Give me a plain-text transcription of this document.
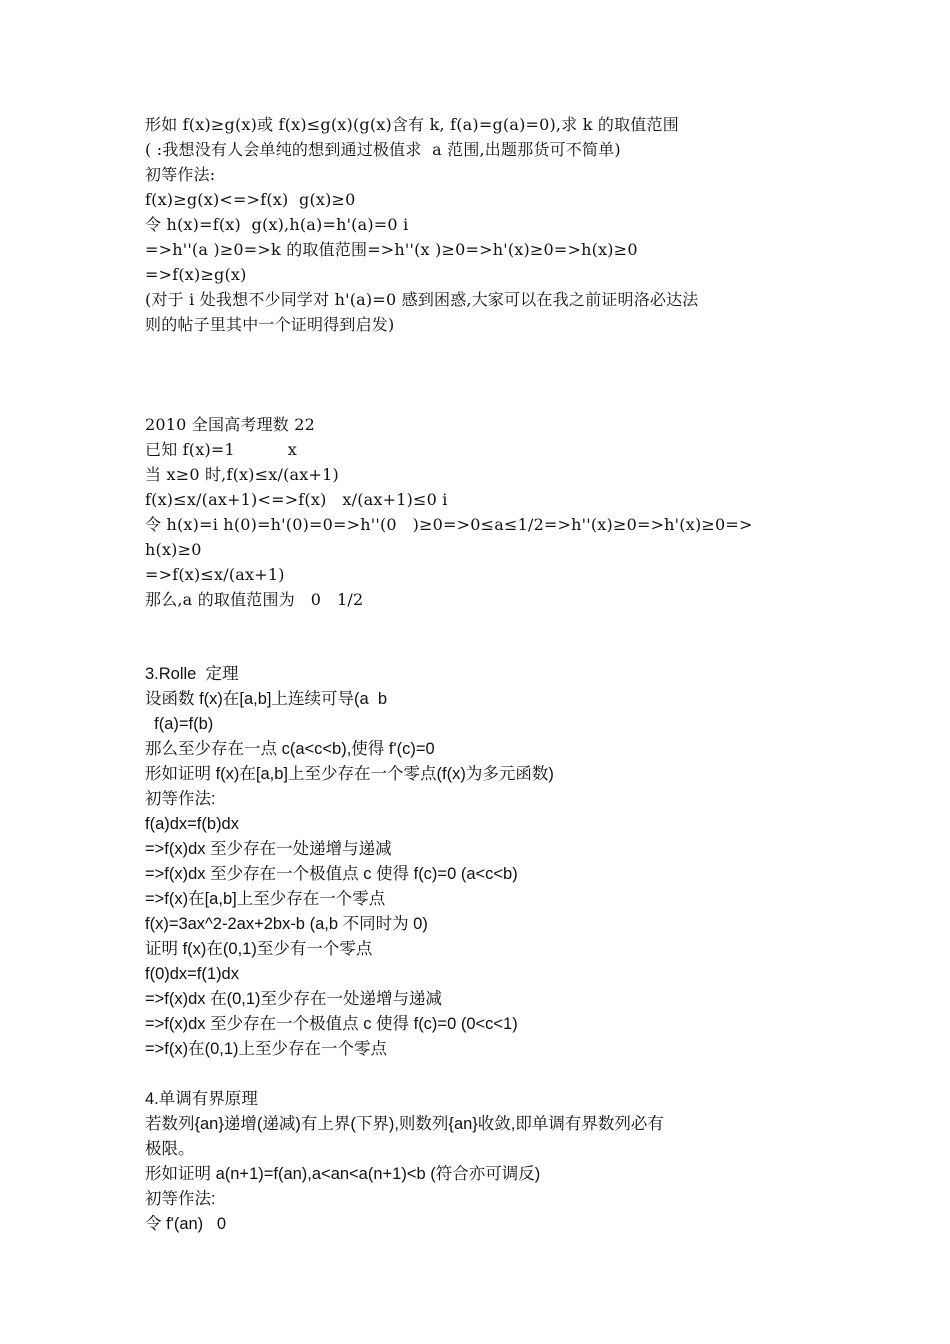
形如 f(x)≥g(x)或 f(x)≤g(x)(g(x)含有 k, f(a)=g(a)=0),求 k 的取值范围
( :我想没有人会单纯的想到通过极值求  a 范围,出题那货可不简单)
初等作法:
f(x)≥g(x)<=>f(x)  g(x)≥0
令 h(x)=f(x)  g(x),h(a)=h'(a)=0 i
=>h''(a )≥0=>k 的取值范围=>h''(x )≥0=>h'(x)≥0=>h(x)≥0
=>f(x)≥g(x)
(对于 i 处我想不少同学对 h'(a)=0 感到困惑,大家可以在我之前证明洛必达法
则的帖子里其中一个证明得到启发)
2010 全国高考理数 22
已知 f(x)=1          x
当 x≥0 时,f(x)≤x/(ax+1)
f(x)≤x/(ax+1)<=>f(x)   x/(ax+1)≤0 i
令 h(x)=i h(0)=h'(0)=0=>h''(0   )≥0=>0≤a≤1/2=>h''(x)≥0=>h'(x)≥0=>
h(x)≥0
=>f(x)≤x/(ax+1)
那么,a 的取值范围为   0   1/2
3.Rolle  定理
设函数 f(x)在[a,b]上连续可导(a  b
f(a)=f(b)
那么至少存在一点 c(a<c<b),使得 f'(c)=0
形如证明 f(x)在[a,b]上至少存在一个零点(f(x)为多元函数)
初等作法:
f(a)dx=f(b)dx
=>f(x)dx 至少存在一处递增与递减
=>f(x)dx 至少存在一个极值点 c 使得 f(c)=0 (a<c<b)
=>f(x)在[a,b]上至少存在一个零点
f(x)=3ax^2-2ax+2bx-b (a,b 不同时为 0)
证明 f(x)在(0,1)至少有一个零点
f(0)dx=f(1)dx
=>f(x)dx 在(0,1)至少存在一处递增与递减
=>f(x)dx 至少存在一个极值点 c 使得 f(c)=0 (0<c<1)
=>f(x)在(0,1)上至少存在一个零点
4.单调有界原理
若数列{an}递增(递减)有上界(下界),则数列{an}收敛,即单调有界数列必有
极限。
形如证明 a(n+1)=f(an),a<an<a(n+1)<b (符合亦可调反)
初等作法:
令 f'(an)   0
